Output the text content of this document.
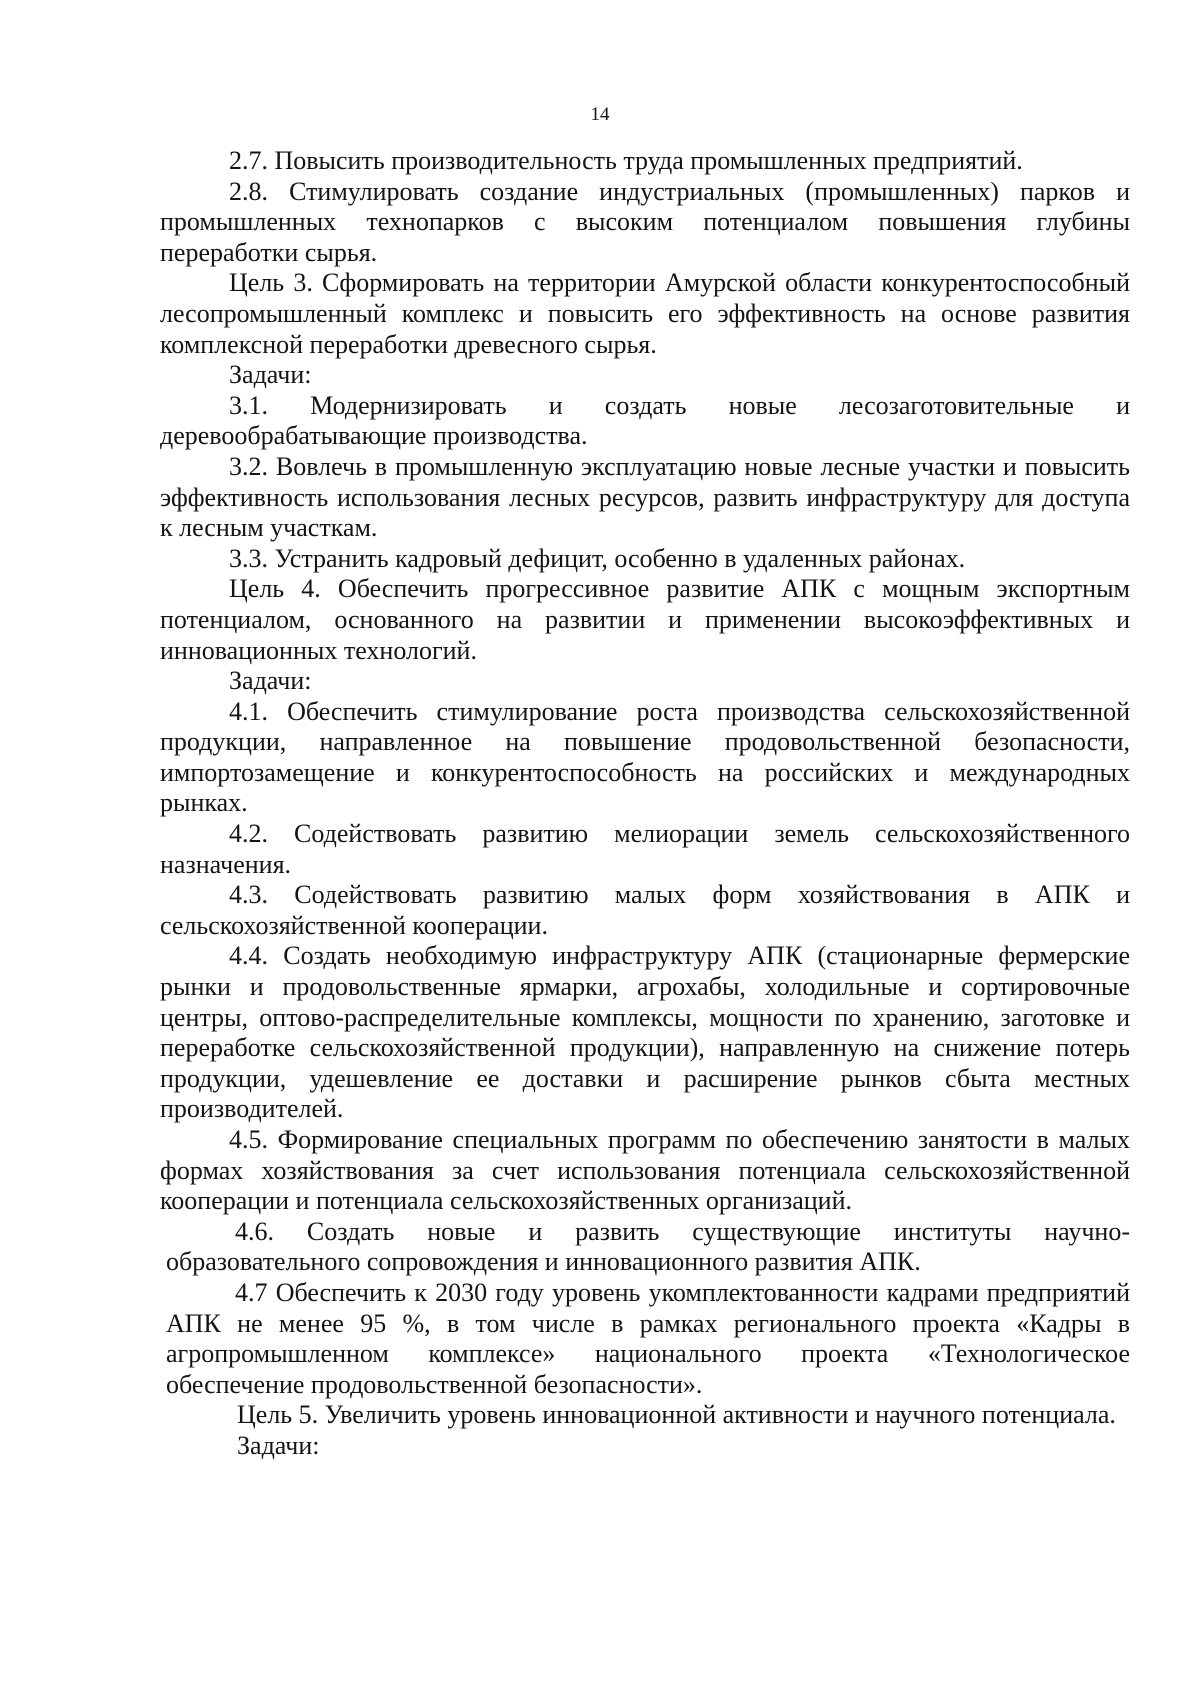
14

2.7. Повысить производительность труда промышленных предприятий.

2.8. Стимулировать создание индустриальных (промышленных) парков и промышленных технопарков с высоким потенциалом повышения глубины переработки сырья.

Цель 3. Сформировать на территории Амурской области конкурентоспособный лесопромышленный комплекс и повысить его эффективность на основе развития комплексной переработки древесного сырья.

Задачи:

3.1. Модернизировать и создать новые лесозаготовительные и деревообрабатывающие производства.

3.2. Вовлечь в промышленную эксплуатацию новые лесные участки и повысить эффективность использования лесных ресурсов, развить инфраструктуру для доступа к лесным участкам.

3.3. Устранить кадровый дефицит, особенно в удаленных районах.

Цель 4. Обеспечить прогрессивное развитие АПК с мощным экспортным потенциалом, основанного на развитии и применении высокоэффективных и инновационных технологий.

Задачи:

4.1. Обеспечить стимулирование роста производства сельскохозяйственной продукции, направленное на повышение продовольственной безопасности, импортозамещение и конкурентоспособность на российских и международных рынках.

4.2. Содействовать развитию мелиорации земель сельскохозяйственного назначения.

4.3. Содействовать развитию малых форм хозяйствования в АПК и сельскохозяйственной кооперации.

4.4. Создать необходимую инфраструктуру АПК (стационарные фермерские рынки и продовольственные ярмарки, агрохабы, холодильные и сортировочные центры, оптово-распределительные комплексы, мощности по хранению, заготовке и переработке сельскохозяйственной продукции), направленную на снижение потерь продукции, удешевление ее доставки и расширение рынков сбыта местных производителей.

4.5. Формирование специальных программ по обеспечению занятости в малых формах хозяйствования за счет использования потенциала сельскохозяйственной кооперации и потенциала сельскохозяйственных организаций.

4.6. Создать новые и развить существующие институты научно-образовательного сопровождения и инновационного развития АПК.

4.7 Обеспечить к 2030 году уровень укомплектованности кадрами предприятий АПК не менее 95 %, в том числе в рамках регионального проекта «Кадры в агропромышленном комплексе» национального проекта «Технологическое обеспечение продовольственной безопасности».

Цель 5. Увеличить уровень инновационной активности и научного потенциала.

Задачи:
